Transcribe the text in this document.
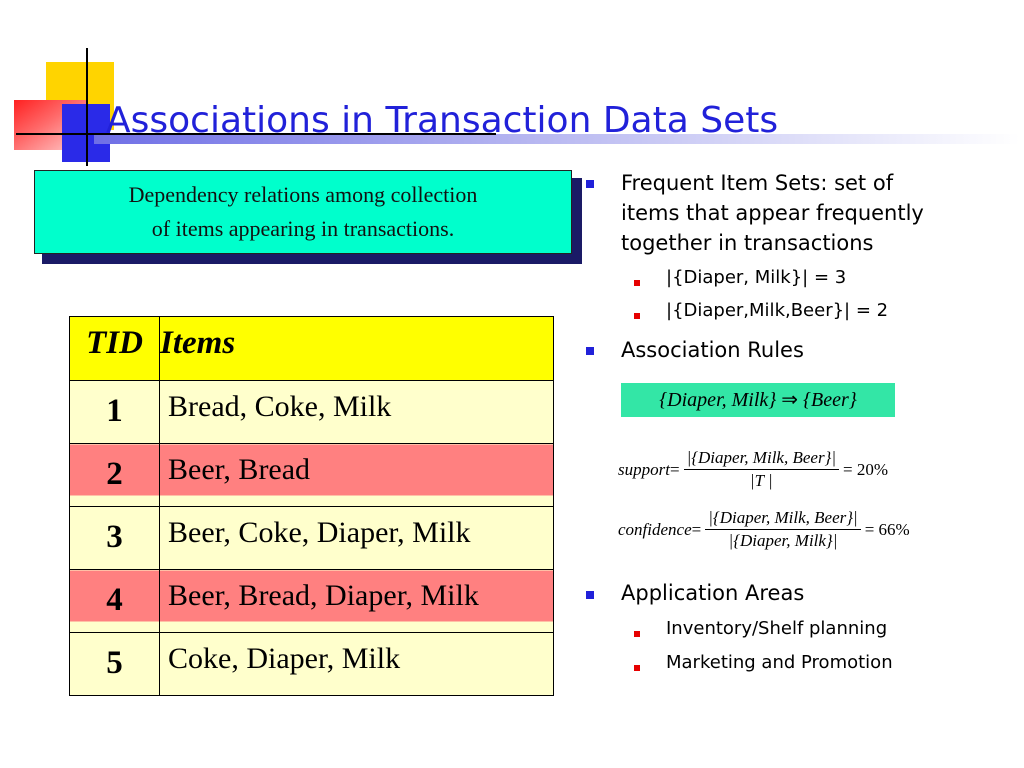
Associations in Transaction Data Sets
Dependency relations among collection
of items appearing in transactions.
TID	Items

1	Bread, Coke, Milk

2	Beer, Bread

3	Beer, Coke, Diaper, Milk

4	Beer, Bread, Diaper, Milk

5	Coke, Diaper, Milk
Frequent Item Sets: set of
items that appear frequently
together in transactions
|{Diaper, Milk}| = 3
|{Diaper,Milk,Beer}| = 2
Association Rules
{Diaper, Milk} ⇒ {Beer}
support = $\frac{\text{|\{Diaper, Milk, Beer\}|}}{|T |} = 20\%$
confidence = $\frac{\text{|\{Diaper, Milk, Beer\}|}}{\text{|\{Diaper, Milk\}|}} = 66\%$
Application Areas
Inventory/Shelf planning
Marketing and Promotion
